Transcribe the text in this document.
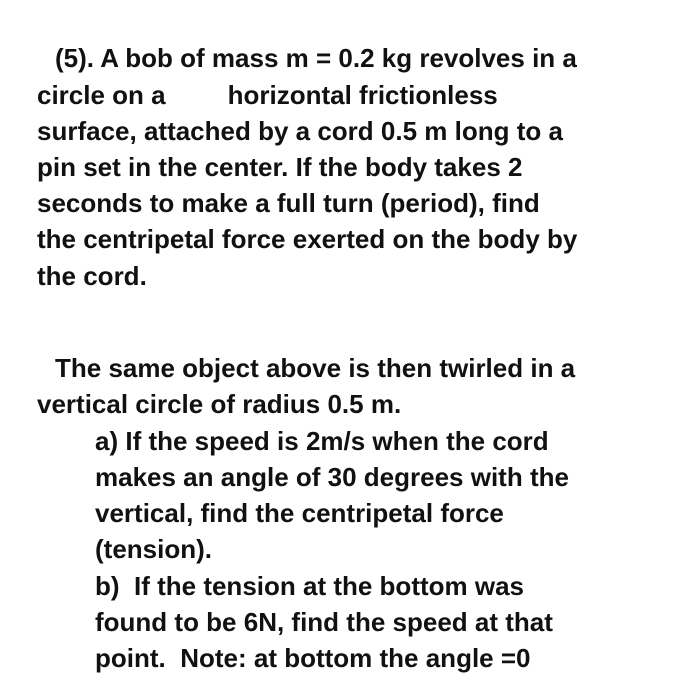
(5). A bob of mass m = 0.2 kg revolves in a
circle on a horizontal frictionless
surface, attached by a cord 0.5 m long to a
pin set in the center. If the body takes 2
seconds to make a full turn (period), find
the centripetal force exerted on the body by
the cord.
The same object above is then twirled in a
vertical circle of radius 0.5 m.
a) If the speed is 2m/s when the cord
makes an angle of 30 degrees with the
vertical, find the centripetal force
(tension).
b)  If the tension at the bottom was
found to be 6N, find the speed at that
point.  Note: at bottom the angle =0
